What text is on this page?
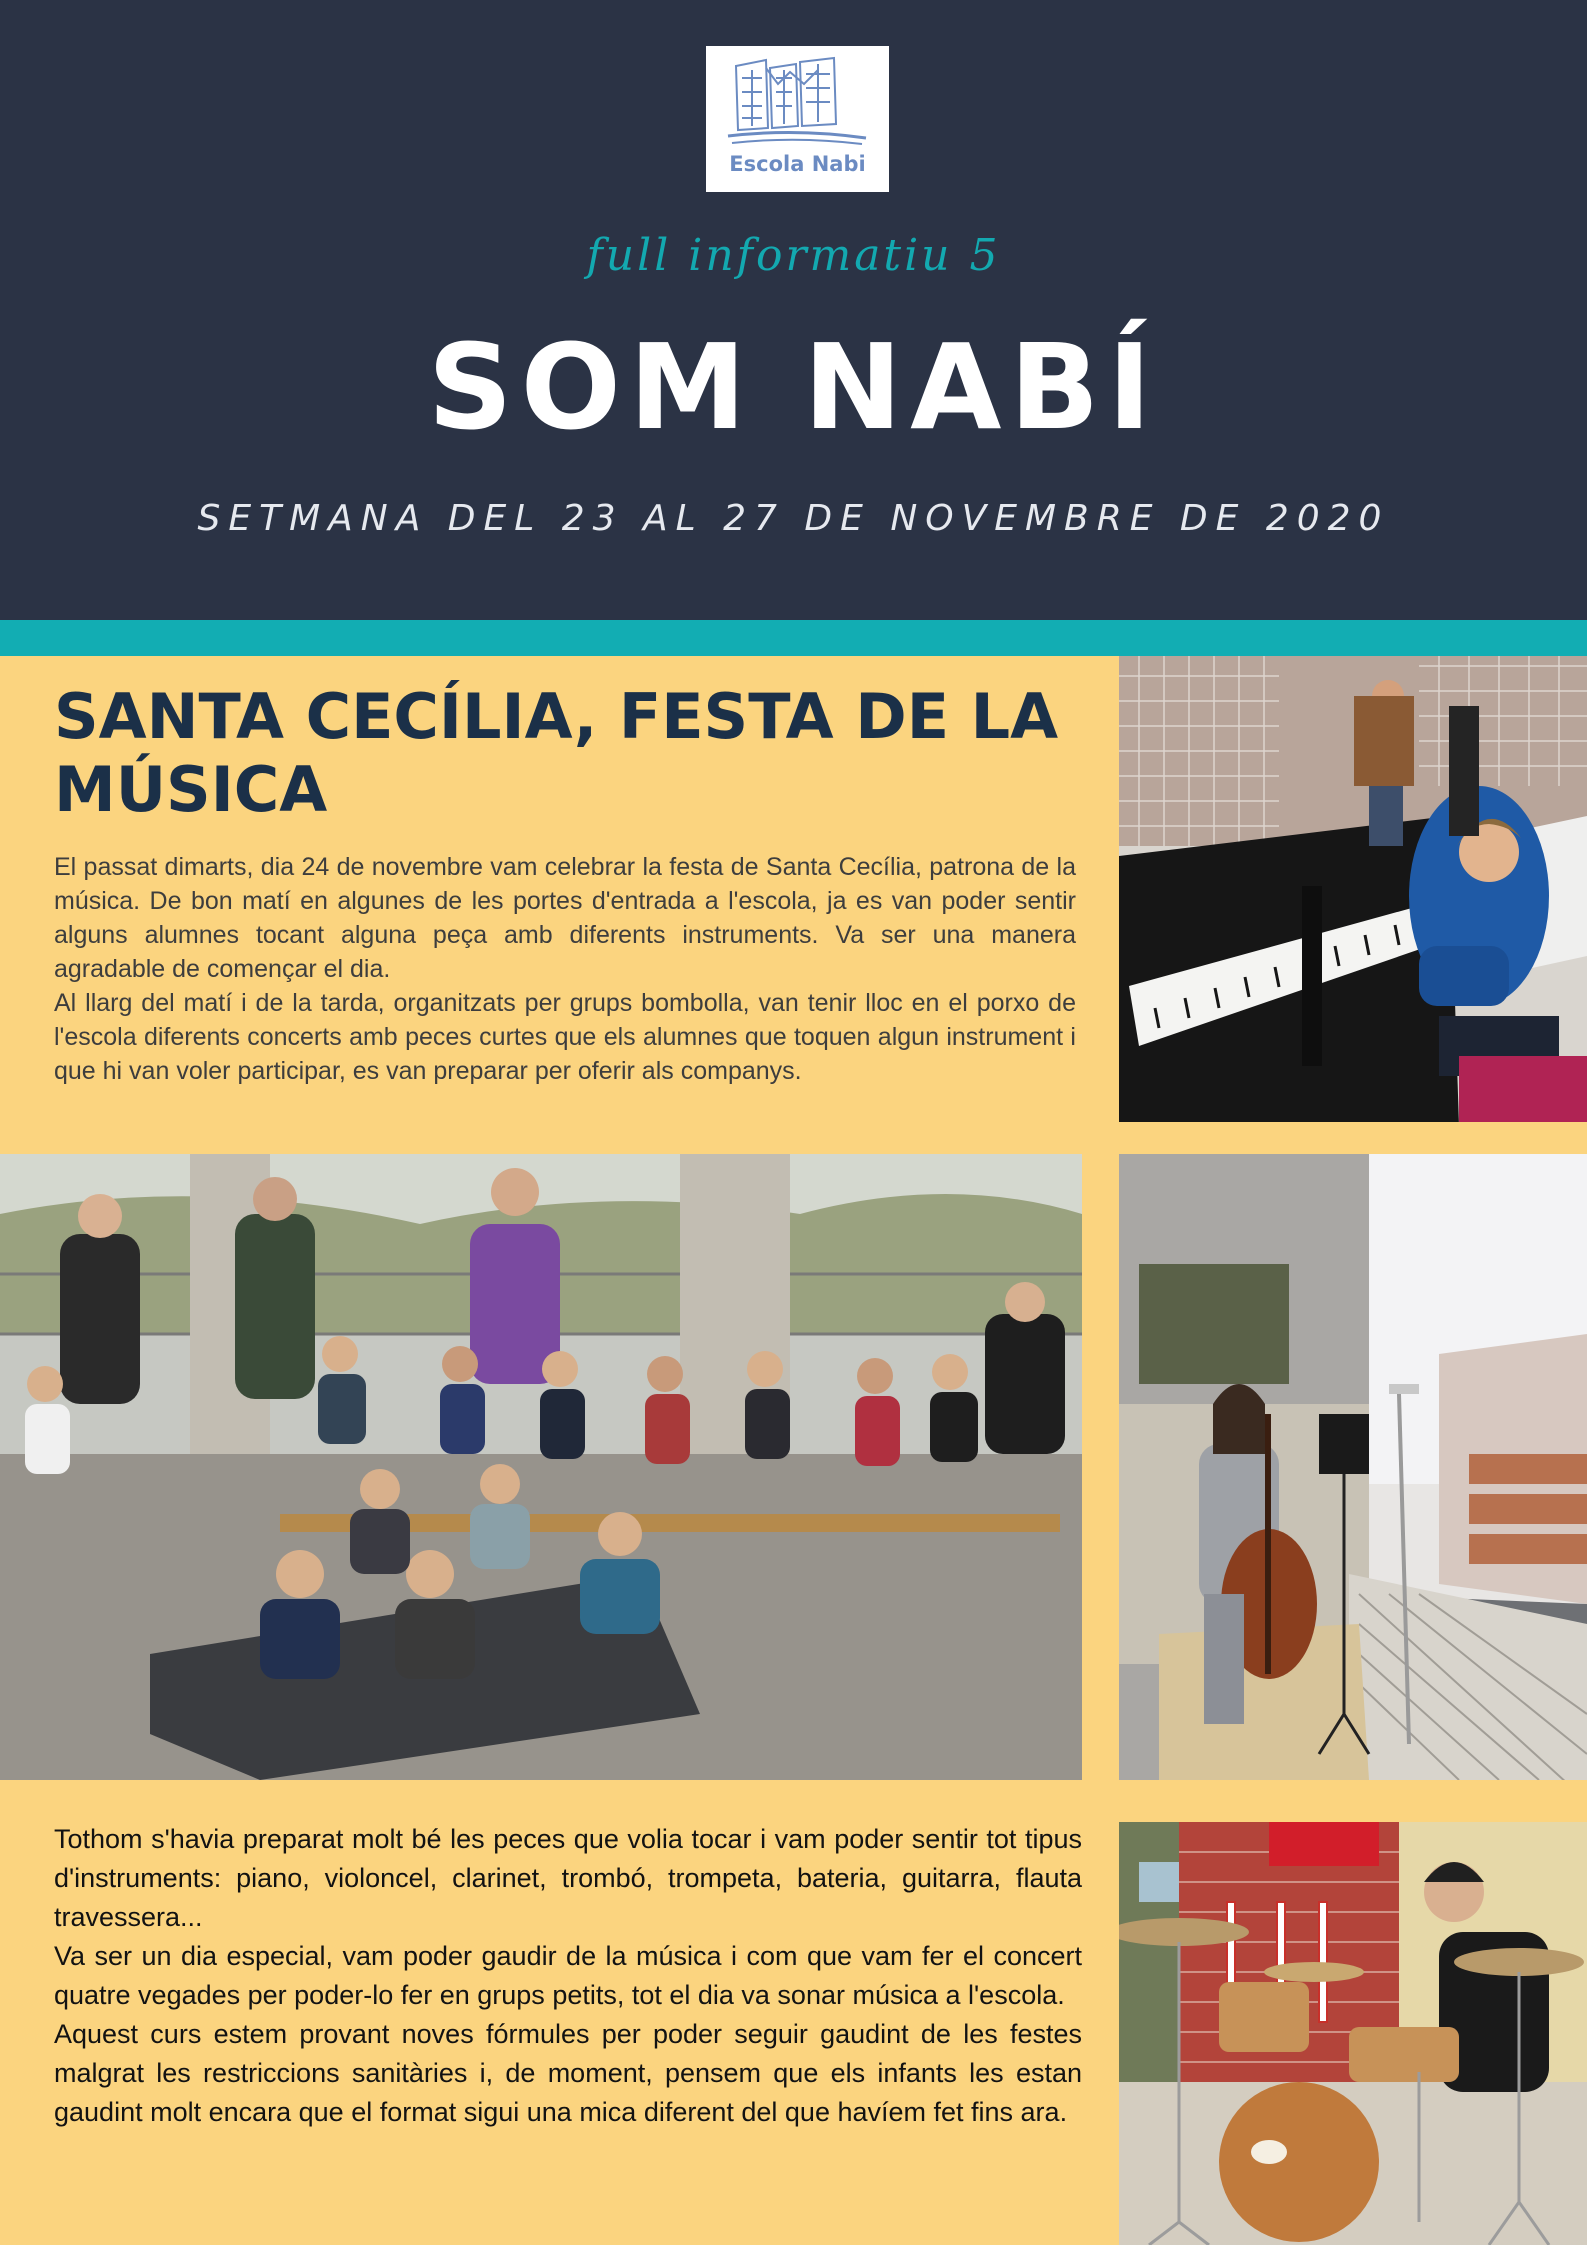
Escola Nabi
full informatiu 5
SOM NABÍ
SETMANA DEL 23 AL 27 DE NOVEMBRE DE 2020
SANTA CECÍLIA, FESTA DE LA MÚSICA

El passat dimarts, dia 24 de novembre vam celebrar la festa de Santa Cecília, patrona de la música. De bon matí en algunes de les portes d'entrada a l'escola, ja es van poder sentir alguns alumnes tocant alguna peça amb diferents instruments. Va ser una manera agradable de començar el dia.

Al llarg del matí i de la tarda, organitzats per grups bombolla, van tenir lloc en el porxo de l'escola diferents concerts amb peces curtes que els alumnes que toquen algun instrument i que hi van voler participar, es van preparar per oferir als companys.

Tothom s'havia preparat molt bé les peces que volia tocar i vam poder sentir tot tipus d'instruments: piano, violoncel, clarinet, trombó, trompeta, bateria, guitarra, flauta travessera...

Va ser un dia especial, vam poder gaudir de la música i com que vam fer el concert quatre vegades per poder-lo fer en grups petits, tot el dia va sonar música a l'escola.

Aquest curs estem provant noves fórmules per poder seguir gaudint de les festes malgrat les restriccions sanitàries i, de moment, pensem que els infants les estan gaudint molt encara que el format sigui una mica diferent del que havíem fet fins ara.
